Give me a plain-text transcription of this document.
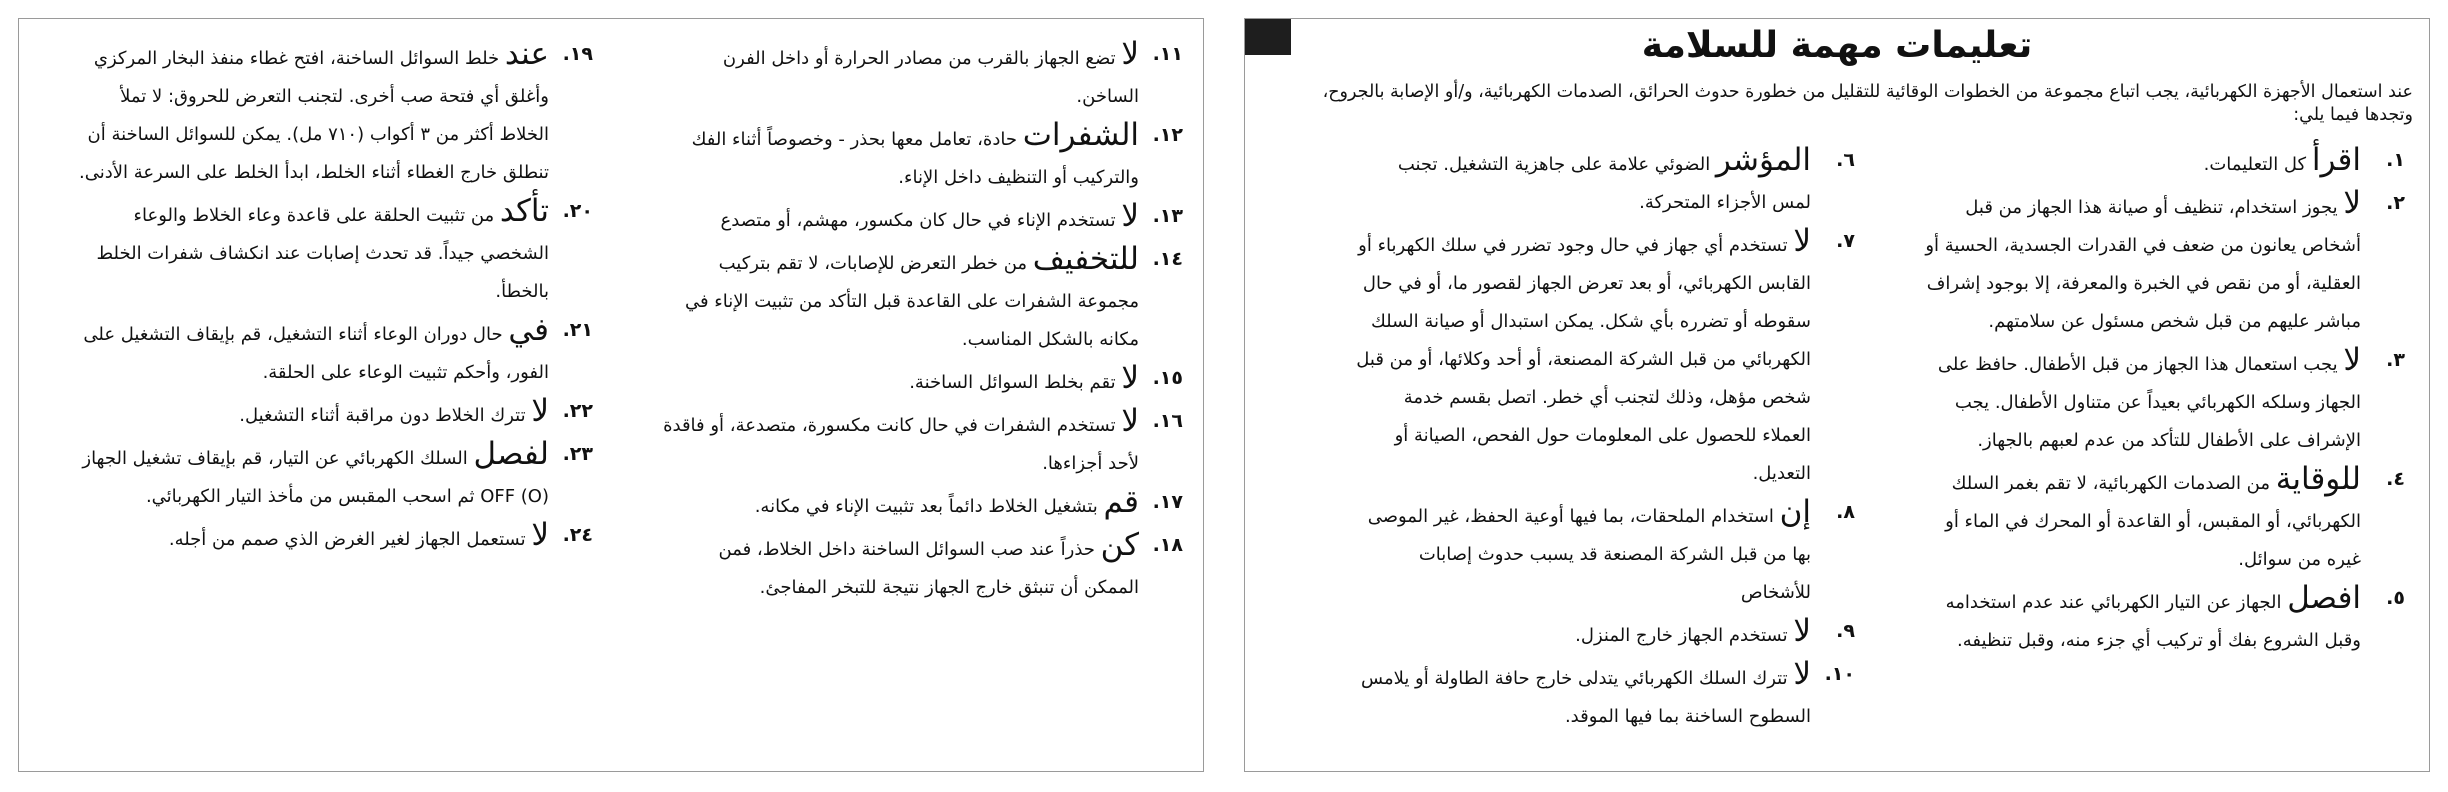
١١.
لا تضع الجهاز بالقرب من مصادر الحرارة أو داخل الفرن الساخن.
١٢.
الشفرات حادة، تعامل معها بحذر - وخصوصاً أثناء الفك والتركيب أو التنظيف داخل الإناء.
١٣.
لا تستخدم الإناء في حال كان مكسور، مهشم، أو متصدع
١٤.
للتخفيف من خطر التعرض للإصابات، لا تقم بتركيب مجموعة الشفرات على القاعدة قبل التأكد من تثبيت الإناء في مكانه بالشكل المناسب.
١٥.
لا تقم بخلط السوائل الساخنة.
١٦.
لا تستخدم الشفرات في حال كانت مكسورة، متصدعة، أو فاقدة لأحد أجزاءها.
١٧.
قم بتشغيل الخلاط دائماً بعد تثبيت الإناء في مكانه.
١٨.
كن حذراً عند صب السوائل الساخنة داخل الخلاط، فمن الممكن أن تنبثق خارج الجهاز نتيجة للتبخر المفاجئ.
١٩.
عند خلط السوائل الساخنة، افتح غطاء منفذ البخار المركزي وأغلق أي فتحة صب أخرى. لتجنب التعرض للحروق: لا تملأ الخلاط أكثر من ٣ أكواب (٧١٠ مل). يمكن للسوائل الساخنة أن تنطلق خارج الغطاء أثناء الخلط، ابدأ الخلط على السرعة الأدنى.
٢٠.
تأكد من تثبيت الحلقة على قاعدة وعاء الخلاط والوعاء الشخصي جيداً. قد تحدث إصابات عند انكشاف شفرات الخلط بالخطأ.
٢١.
في حال دوران الوعاء أثناء التشغيل، قم بإيقاف التشغيل على الفور، وأحكم تثبيت الوعاء على الحلقة.
٢٢.
لا تترك الخلاط دون مراقبة أثناء التشغيل.
٢٣.
لفصل السلك الكهربائي عن التيار، قم بإيقاف تشغيل الجهاز OFF (O) ثم اسحب المقبس من مأخذ التيار الكهربائي.
٢٤.
لا تستعمل الجهاز لغير الغرض الذي صمم من أجله.
تعليمات مهمة للسلامة
عند استعمال الأجهزة الكهربائية، يجب اتباع مجموعة من الخطوات الوقائية للتقليل من خطورة حدوث الحرائق، الصدمات الكهربائية، و/أو الإصابة بالجروح، وتجدها فيما يلي:
١.
اقرأ كل التعليمات.
٢.
لا يجوز استخدام، تنظيف أو صيانة هذا الجهاز من قبل أشخاص يعانون من ضعف في القدرات الجسدية، الحسية أو العقلية، أو من نقص في الخبرة والمعرفة، إلا بوجود إشراف مباشر عليهم من قبل شخص مسئول عن سلامتهم.
٣.
لا يجب استعمال هذا الجهاز من قبل الأطفال. حافظ على الجهاز وسلكه الكهربائي بعيداً عن متناول الأطفال. يجب الإشراف على الأطفال للتأكد من عدم لعبهم بالجهاز.
٤.
للوقاية من الصدمات الكهربائية، لا تقم بغمر السلك الكهربائي، أو المقبس، أو القاعدة أو المحرك في الماء أو غيره من سوائل.
٥.
افصل الجهاز عن التيار الكهربائي عند عدم استخدامه وقبل الشروع بفك أو تركيب أي جزء منه، وقبل تنظيفه.
٦.
المؤشر الضوئي علامة على جاهزية التشغيل. تجنب لمس الأجزاء المتحركة.
٧.
لا تستخدم أي جهاز في حال وجود تضرر في سلك الكهرباء أو القابس الكهربائي، أو بعد تعرض الجهاز لقصور ما، أو في حال سقوطه أو تضرره بأي شكل. يمكن استبدال أو صيانة السلك الكهربائي من قبل الشركة المصنعة، أو أحد وكلائها، أو من قبل شخص مؤهل، وذلك لتجنب أي خطر. اتصل بقسم خدمة العملاء للحصول على المعلومات حول الفحص، الصيانة أو التعديل.
٨.
إن استخدام الملحقات، بما فيها أوعية الحفظ، غير الموصى بها من قبل الشركة المصنعة قد يسبب حدوث إصابات للأشخاص
٩.
لا تستخدم الجهاز خارج المنزل.
١٠.
لا تترك السلك الكهربائي يتدلى خارج حافة الطاولة أو يلامس السطوح الساخنة بما فيها الموقد.
